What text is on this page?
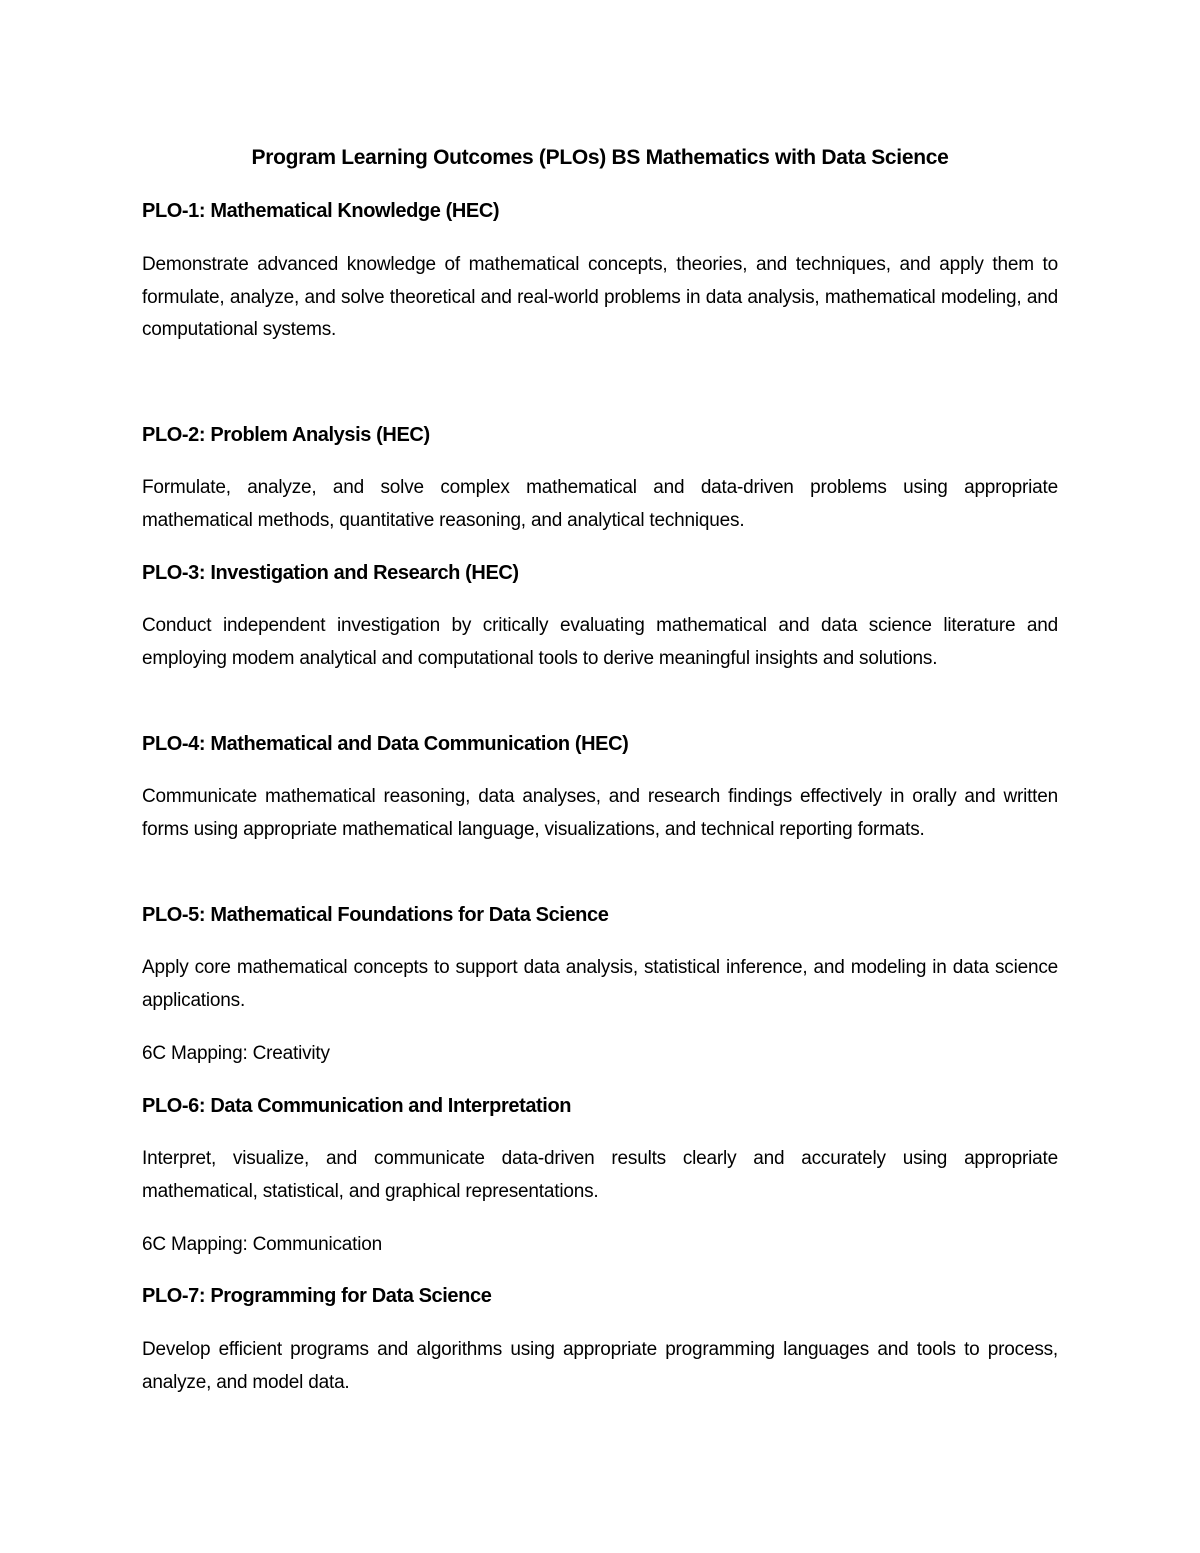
Program Learning Outcomes (PLOs) BS Mathematics with Data Science
PLO-1: Mathematical Knowledge (HEC)
Demonstrate advanced knowledge of mathematical concepts, theories, and techniques, and apply them to formulate, analyze, and solve theoretical and real-world problems in data analysis, mathematical modeling, and computational systems.
PLO-2: Problem Analysis (HEC)
Formulate, analyze, and solve complex mathematical and data-driven problems using appropriate mathematical methods, quantitative reasoning, and analytical techniques.
PLO-3: Investigation and Research (HEC)
Conduct independent investigation by critically evaluating mathematical and data science literature and employing modem analytical and computational tools to derive meaningful insights and solutions.
PLO-4: Mathematical and Data Communication (HEC)
Communicate mathematical reasoning, data analyses, and research findings effectively in orally and written forms using appropriate mathematical language, visualizations, and technical reporting formats.
PLO-5: Mathematical Foundations for Data Science
Apply core mathematical concepts to support data analysis, statistical inference, and modeling in data science applications.
6C Mapping: Creativity
PLO-6: Data Communication and Interpretation
Interpret, visualize, and communicate data-driven results clearly and accurately using appropriate mathematical, statistical, and graphical representations.
6C Mapping: Communication
PLO-7: Programming for Data Science
Develop efficient programs and algorithms using appropriate programming languages and tools to process, analyze, and model data.
